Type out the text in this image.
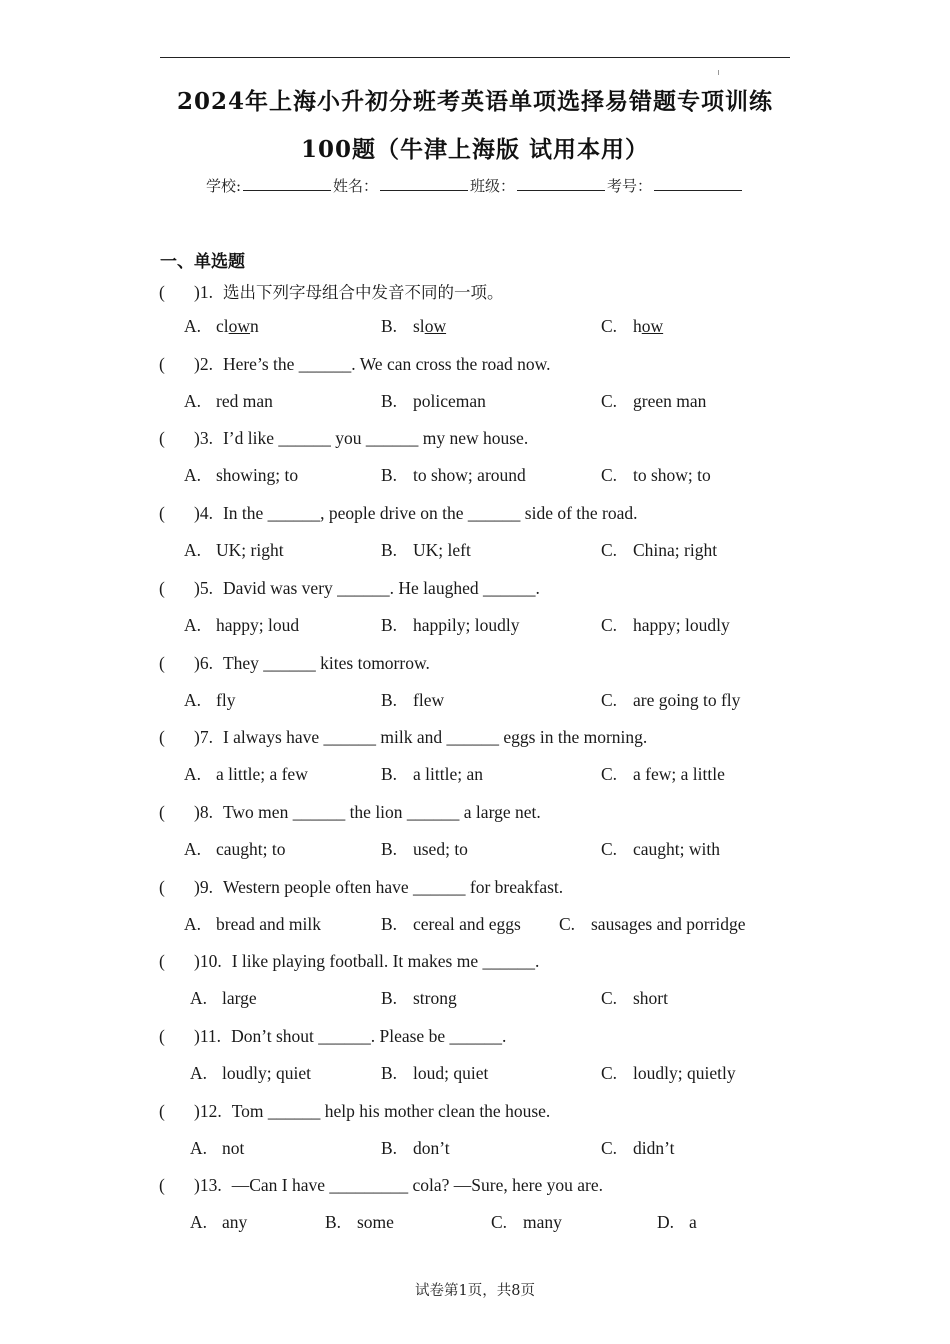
2024年上海小升初分班考英语单项选择易错题专项训练
100题（牛津上海版 试用本用）
学校:	姓名：	班级：	考号：
一、单选题
( )1. 选出下列字母组合中发音不同的一项。
A. clown	B. slow	C. how
( )2. Here’s the ______. We can cross the road now.
A. red man	B. policeman	C. green man
( )3. I’d like ______ you ______ my new house.
A. showing; to	B. to show; around	C. to show; to
( )4. In the ______, people drive on the ______ side of the road.
A. UK; right	B. UK; left	C. China; right
( )5. David was very ______. He laughed ______.
A. happy; loud	B. happily; loudly	C. happy; loudly
( )6. They ______ kites tomorrow.
A. fly	B. flew	C. are going to fly
( )7. I always have ______ milk and ______ eggs in the morning.
A. a little; a few	B. a little; an	C. a few; a little
( )8. Two men ______ the lion ______ a large net.
A. caught; to	B. used; to	C. caught; with
( )9. Western people often have ______ for breakfast.
A. bread and milk	B. cereal and eggs C. sausages and porridge
( )10. I like playing football. It makes me ______.
A. large	B. strong	C. short
( )11. Don’t shout ______. Please be ______.
A. loudly; quiet	B. loud; quiet	C. loudly; quietly
( )12. Tom ______ help his mother clean the house.
A. not	B. don’t	C. didn’t
( )13. —Can I have _________ cola? —Sure, here you are.
A. any	B. some	C. many	D. a
试卷第1页，共8页
